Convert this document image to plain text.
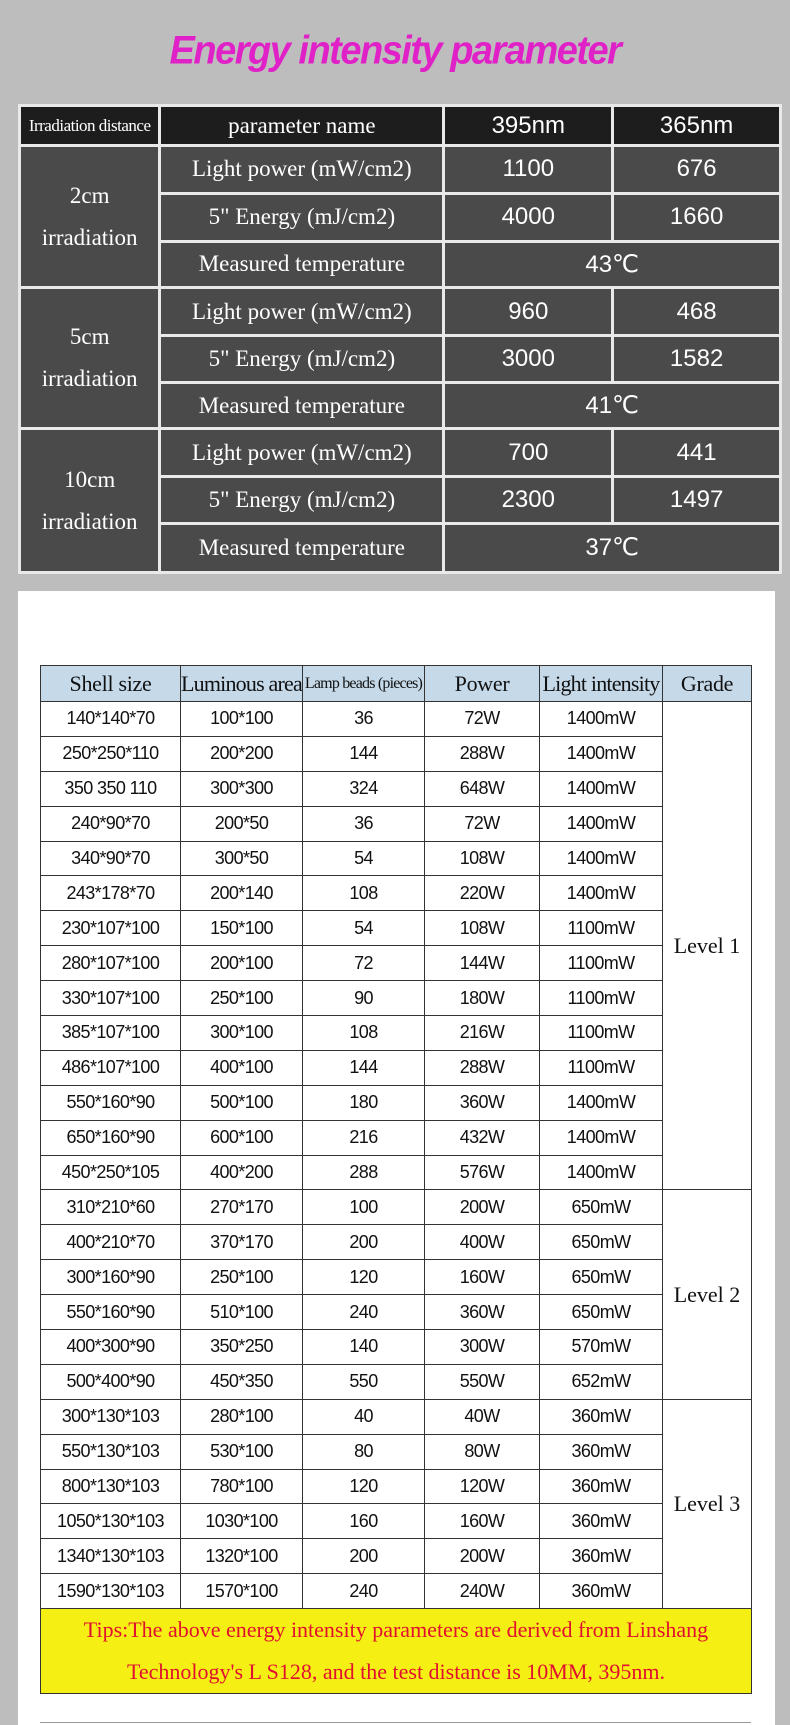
Energy intensity parameter
Irradiation distance	parameter name	395nm	365nm
2cm irradiation	Light power (mW/cm2)	1100	676
	5" Energy (mJ/cm2)	4000	1660
	Measured temperature	43℃	
5cm irradiation	Light power (mW/cm2)	960	468
	5" Energy (mJ/cm2)	3000	1582
	Measured temperature	41℃	
10cm irradiation	Light power (mW/cm2)	700	441
	5" Energy (mJ/cm2)	2300	1497
	Measured temperature	37℃	
Shell size	Luminous area	Lamp beads (pieces)	Power	Light intensity	Grade
140*140*70	100*100	36	72W	1400mW	Level 1
250*250*110	200*200	144	288W	1400mW	
350 350 110	300*300	324	648W	1400mW	
240*90*70	200*50	36	72W	1400mW	
340*90*70	300*50	54	108W	1400mW	
243*178*70	200*140	108	220W	1400mW	
230*107*100	150*100	54	108W	1100mW	
280*107*100	200*100	72	144W	1100mW	
330*107*100	250*100	90	180W	1100mW	
385*107*100	300*100	108	216W	1100mW	
486*107*100	400*100	144	288W	1100mW	
550*160*90	500*100	180	360W	1400mW	
650*160*90	600*100	216	432W	1400mW	
450*250*105	400*200	288	576W	1400mW	
310*210*60	270*170	100	200W	650mW	Level 2
400*210*70	370*170	200	400W	650mW	
300*160*90	250*100	120	160W	650mW	
550*160*90	510*100	240	360W	650mW	
400*300*90	350*250	140	300W	570mW	
500*400*90	450*350	550	550W	652mW	
300*130*103	280*100	40	40W	360mW	Level 3
550*130*103	530*100	80	80W	360mW	
800*130*103	780*100	120	120W	360mW	
1050*130*103	1030*100	160	160W	360mW	
1340*130*103	1320*100	200	200W	360mW	
1590*130*103	1570*100	240	240W	360mW	
Tips:The above energy intensity parameters are derived from Linshang Technology's L S128, and the test distance is 10MM, 395nm.					
